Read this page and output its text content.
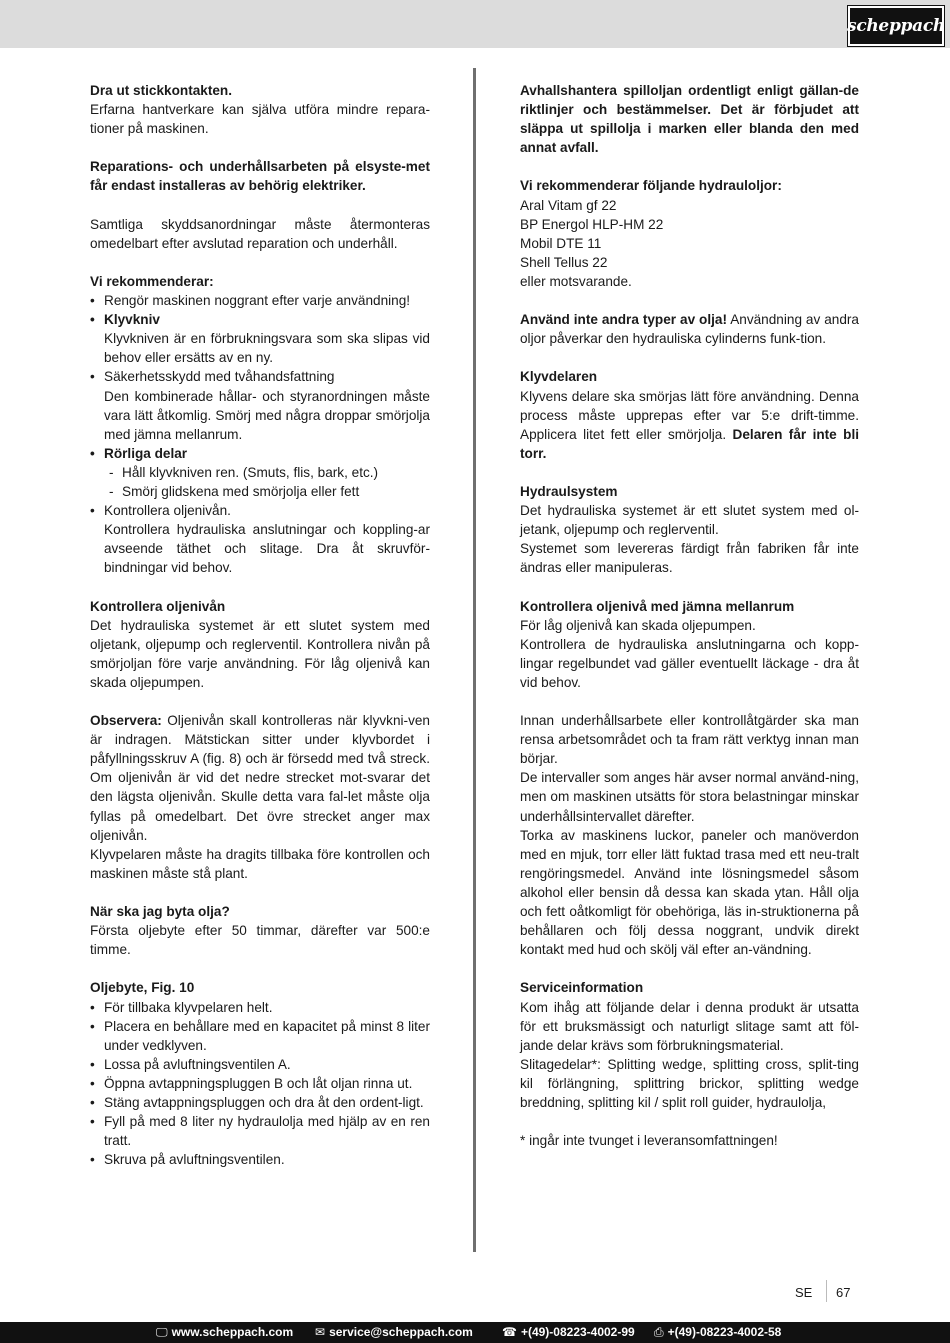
scheppach

Dra ut stickkontakten.

Erfarna hantverkare kan själva utföra mindre repara-tioner på maskinen.

Reparations- och underhållsarbeten på elsyste-met får endast installeras av behörig elektriker.

Samtliga skyddsanordningar måste återmonteras omedelbart efter avslutad reparation och underhåll.

Vi rekommenderar:

• Rengör maskinen noggrant efter varje användning!
• Klyvkniv
Klyvkniven är en förbrukningsvara som ska slipas vid behov eller ersätts av en ny.
• Säkerhetsskydd med tvåhandsfattning
Den kombinerade hållar- och styranordningen måste vara lätt åtkomlig. Smörj med några droppar smörjolja med jämna mellanrum.
• Rörliga delar
- Håll klyvkniven ren. (Smuts, flis, bark, etc.)
- Smörj glidskena med smörjolja eller fett
• Kontrollera oljenivån.
Kontrollera hydrauliska anslutningar och koppling-ar avseende täthet och slitage. Dra åt skruvför-bindningar vid behov.

Kontrollera oljenivån

Det hydrauliska systemet är ett slutet system med oljetank, oljepump och reglerventil. Kontrollera nivån på smörjoljan före varje användning. För låg oljenivå kan skada oljepumpen.

Observera: Oljenivån skall kontrolleras när klyvkni-ven är indragen. Mätstickan sitter under klyvbordet i påfyllningsskruv A (fig. 8) och är försedd med två streck. Om oljenivån är vid det nedre strecket mot-svarar det den lägsta oljenivån. Skulle detta vara fal-let måste olja fyllas på omedelbart. Det övre strecket anger max oljenivån.

Klyvpelaren måste ha dragits tillbaka före kontrollen och maskinen måste stå plant.

När ska jag byta olja?

Första oljebyte efter 50 timmar, därefter var 500:e timme.

Oljebyte, Fig. 10

• För tillbaka klyvpelaren helt.
• Placera en behållare med en kapacitet på minst 8 liter under vedklyven.
• Lossa på avluftningsventilen A.
• Öppna avtappningspluggen B och låt oljan rinna ut.
• Stäng avtappningspluggen och dra åt den ordent-ligt.
• Fyll på med 8 liter ny hydraulolja med hjälp av en ren tratt.
• Skruva på avluftningsventilen.

Avhallshantera spilloljan ordentligt enligt gällan-de riktlinjer och bestämmelser. Det är förbjudet att släppa ut spillolja i marken eller blanda den med annat avfall.

Vi rekommenderar följande hydrauloljor:

Aral Vitam gf 22
BP Energol HLP-HM 22
Mobil DTE 11
Shell Tellus 22
eller motsvarande.

Använd inte andra typer av olja! Användning av andra oljor påverkar den hydrauliska cylinderns funk-tion.

Klyvdelaren

Klyvens delare ska smörjas lätt före användning. Denna process måste upprepas efter var 5:e drift-timme. Applicera litet fett eller smörjolja. Delaren får inte bli torr.

Hydraulsystem

Det hydrauliska systemet är ett slutet system med ol-jetank, oljepump och reglerventil.

Systemet som levereras färdigt från fabriken får inte ändras eller manipuleras.

Kontrollera oljenivå med jämna mellanrum

För låg oljenivå kan skada oljepumpen.

Kontrollera de hydrauliska anslutningarna och kopp-lingar regelbundet vad gäller eventuellt läckage - dra åt vid behov.

Innan underhållsarbete eller kontrollåtgärder ska man rensa arbetsområdet och ta fram rätt verktyg innan man börjar.

De intervaller som anges här avser normal använd-ning, men om maskinen utsätts för stora belastningar minskar underhållsintervallet därefter.

Torka av maskinens luckor, paneler och manöverdon med en mjuk, torr eller lätt fuktad trasa med ett neu-tralt rengöringsmedel. Använd inte lösningsmedel såsom alkohol eller bensin då dessa kan skada ytan. Håll olja och fett oåtkomligt för obehöriga, läs in-struktionerna på behållaren och följ dessa noggrant, undvik direkt kontakt med hud och skölj väl efter an-vändning.

Serviceinformation

Kom ihåg att följande delar i denna produkt är utsatta för ett bruksmässigt och naturligt slitage samt att föl-jande delar krävs som förbrukningsmaterial.

Slitagedelar*: Splitting wedge, splitting cross, split-ting kil förlängning, splittring brickor, splitting wedge breddning, splitting kil / split roll guider, hydraulolja,

* ingår inte tvunget i leveransomfattningen!

SE 67
🖵 www.scheppach.com ✉ service@scheppach.com ☎ +(49)-08223-4002-99 ⎙ +(49)-08223-4002-58
